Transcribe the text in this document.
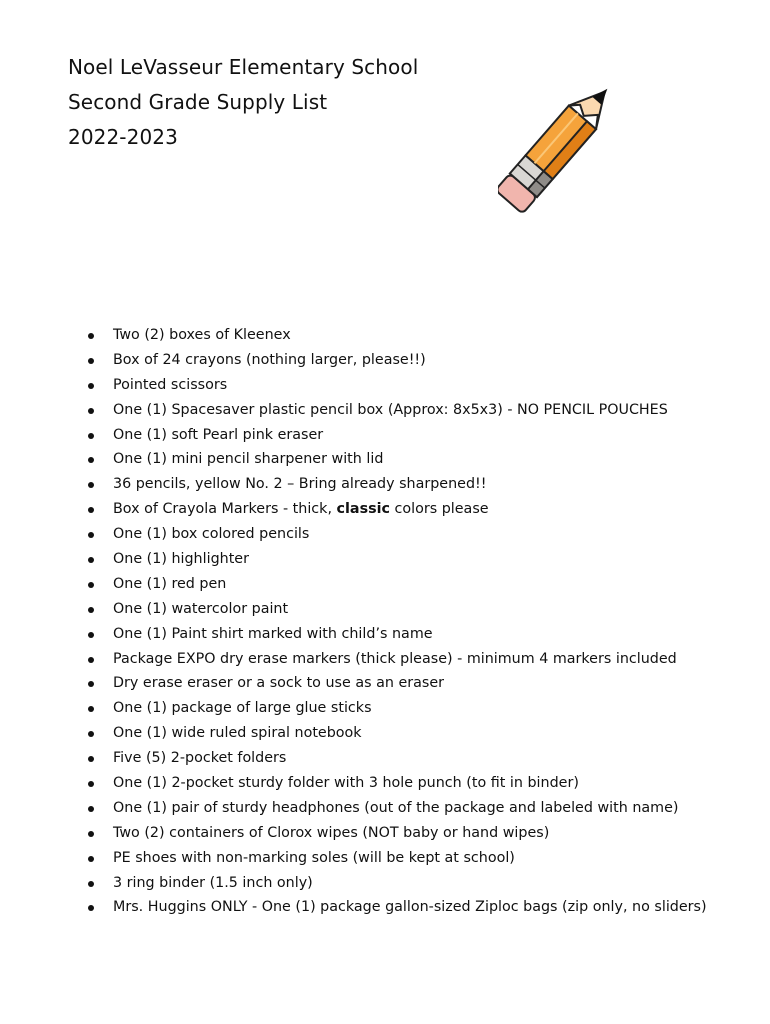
Noel LeVasseur Elementary School
Second Grade Supply List
2022-2023
Two (2) boxes of Kleenex
Box of 24 crayons (nothing larger, please!!)
Pointed scissors
One (1) Spacesaver plastic pencil box (Approx: 8x5x3) - NO PENCIL POUCHES
One (1) soft Pearl pink eraser
One (1) mini pencil sharpener with lid
36 pencils, yellow No. 2 – Bring already sharpened!!
Box of Crayola Markers - thick, classic colors please
One (1) box colored pencils
One (1) highlighter
One (1) red pen
One (1) watercolor paint
One (1) Paint shirt marked with child’s name
Package EXPO dry erase markers (thick please) - minimum 4 markers included
Dry erase eraser or a sock to use as an eraser
One (1) package of large glue sticks
One (1) wide ruled spiral notebook
Five (5) 2-pocket folders
One (1) 2-pocket sturdy folder with 3 hole punch (to fit in binder)
One (1) pair of sturdy headphones (out of the package and labeled with name)
Two (2) containers of Clorox wipes (NOT baby or hand wipes)
PE shoes with non-marking soles (will be kept at school)
3 ring binder (1.5 inch only)
Mrs. Huggins ONLY - One (1) package gallon-sized Ziploc bags (zip only, no sliders)
